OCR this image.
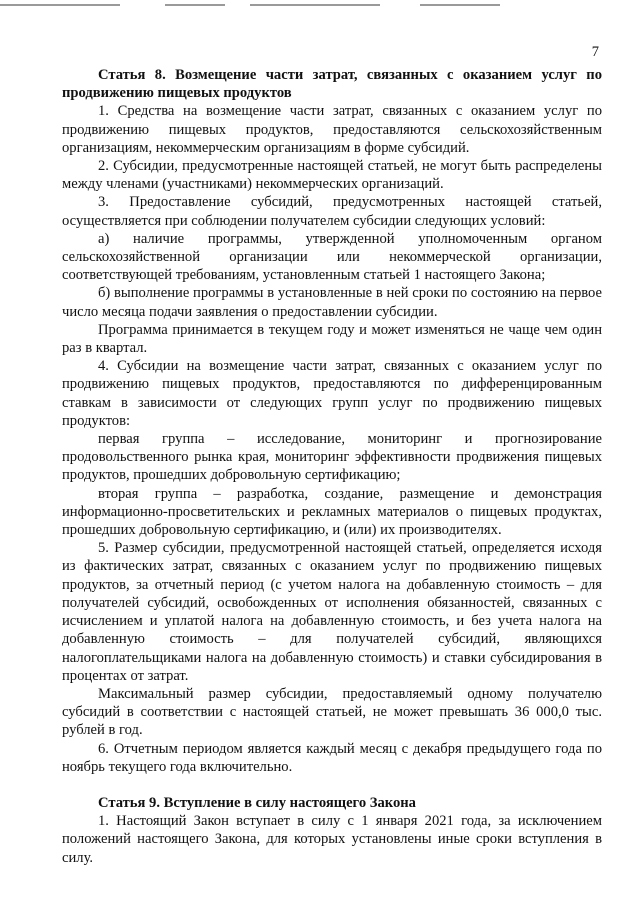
7
Статья 8. Возмещение части затрат, связанных с оказанием услуг по продвижению пищевых продуктов

1. Средства на возмещение части затрат, связанных с оказанием услуг по продвижению пищевых продуктов, предоставляются сельскохозяйственным организациям, некоммерческим организациям в форме субсидий.

2. Субсидии, предусмотренные настоящей статьей, не могут быть распределены между членами (участниками) некоммерческих организаций.

3. Предоставление субсидий, предусмотренных настоящей статьей, осуществляется при соблюдении получателем субсидии следующих условий:

а) наличие программы, утвержденной уполномоченным органом сельскохозяйственной организации или некоммерческой организации, соответствующей требованиям, установленным статьей 1 настоящего Закона;

б) выполнение программы в установленные в ней сроки по состоянию на первое число месяца подачи заявления о предоставлении субсидии.

Программа принимается в текущем году и может изменяться не чаще чем один раз в квартал.

4. Субсидии на возмещение части затрат, связанных с оказанием услуг по продвижению пищевых продуктов, предоставляются по дифференцированным ставкам в зависимости от следующих групп услуг по продвижению пищевых продуктов:

первая группа – исследование, мониторинг и прогнозирование продовольственного рынка края, мониторинг эффективности продвижения пищевых продуктов, прошедших добровольную сертификацию;

вторая группа – разработка, создание, размещение и демонстрация информационно-просветительских и рекламных материалов о пищевых продуктах, прошедших добровольную сертификацию, и (или) их производителях.

5. Размер субсидии, предусмотренной настоящей статьей, определяется исходя из фактических затрат, связанных с оказанием услуг по продвижению пищевых продуктов, за отчетный период (с учетом налога на добавленную стоимость – для получателей субсидий, освобожденных от исполнения обязанностей, связанных с исчислением и уплатой налога на добавленную стоимость, и без учета налога на добавленную стоимость – для получателей субсидий, являющихся налогоплательщиками налога на добавленную стоимость) и ставки субсидирования в процентах от затрат.

Максимальный размер субсидии, предоставляемый одному получателю субсидий в соответствии с настоящей статьей, не может превышать 36 000,0 тыс. рублей в год.

6. Отчетным периодом является каждый месяц с декабря предыдущего года по ноябрь текущего года включительно.

Статья 9. Вступление в силу настоящего Закона

1. Настоящий Закон вступает в силу с 1 января 2021 года, за исключением положений настоящего Закона, для которых установлены иные сроки вступления в силу.
